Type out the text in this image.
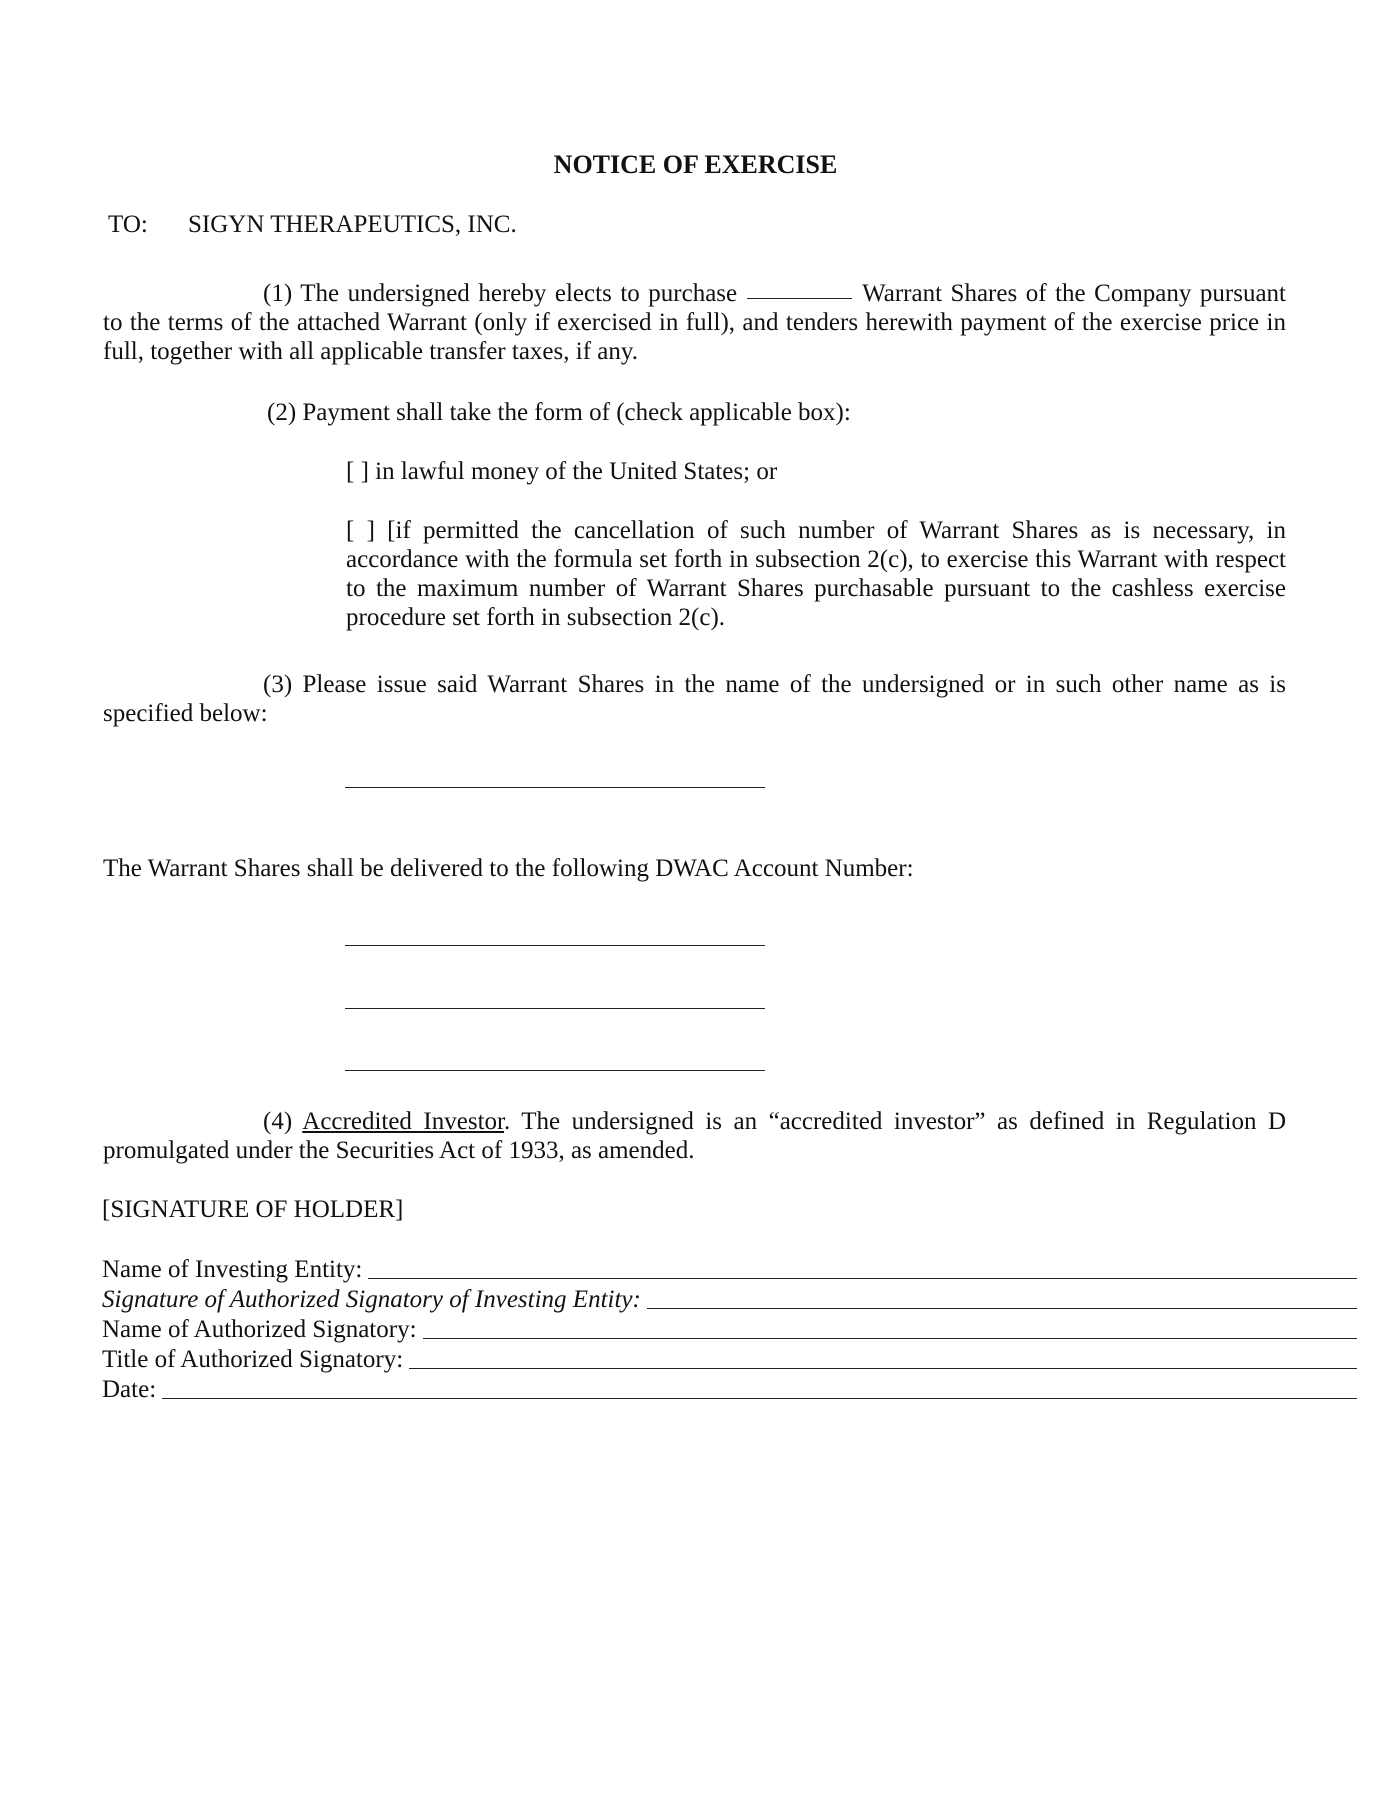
NOTICE OF EXERCISE
TO: SIGYN THERAPEUTICS, INC.
(1) The undersigned hereby elects to purchase	Warrant Shares of the Company pursuant to the terms of the attached Warrant (only if exercised in full), and tenders herewith payment of the exercise price in full, together with all applicable transfer taxes, if any.
(2) Payment shall take the form of (check applicable box):
[ ] in lawful money of the United States; or
[ ] [if permitted the cancellation of such number of Warrant Shares as is necessary, in accordance with the formula set forth in subsection 2(c), to exercise this Warrant with respect to the maximum number of Warrant Shares purchasable pursuant to the cashless exercise procedure set forth in subsection 2(c).
(3) Please issue said Warrant Shares in the name of the undersigned or in such other name as is specified below:
The Warrant Shares shall be delivered to the following DWAC Account Number:
(4) Accredited Investor. The undersigned is an “accredited investor” as defined in Regulation D promulgated under the Securities Act of 1933, as amended.
[SIGNATURE OF HOLDER]
Name of Investing Entity:
Signature of Authorized Signatory of Investing Entity:
Name of Authorized Signatory:
Title of Authorized Signatory:
Date:
